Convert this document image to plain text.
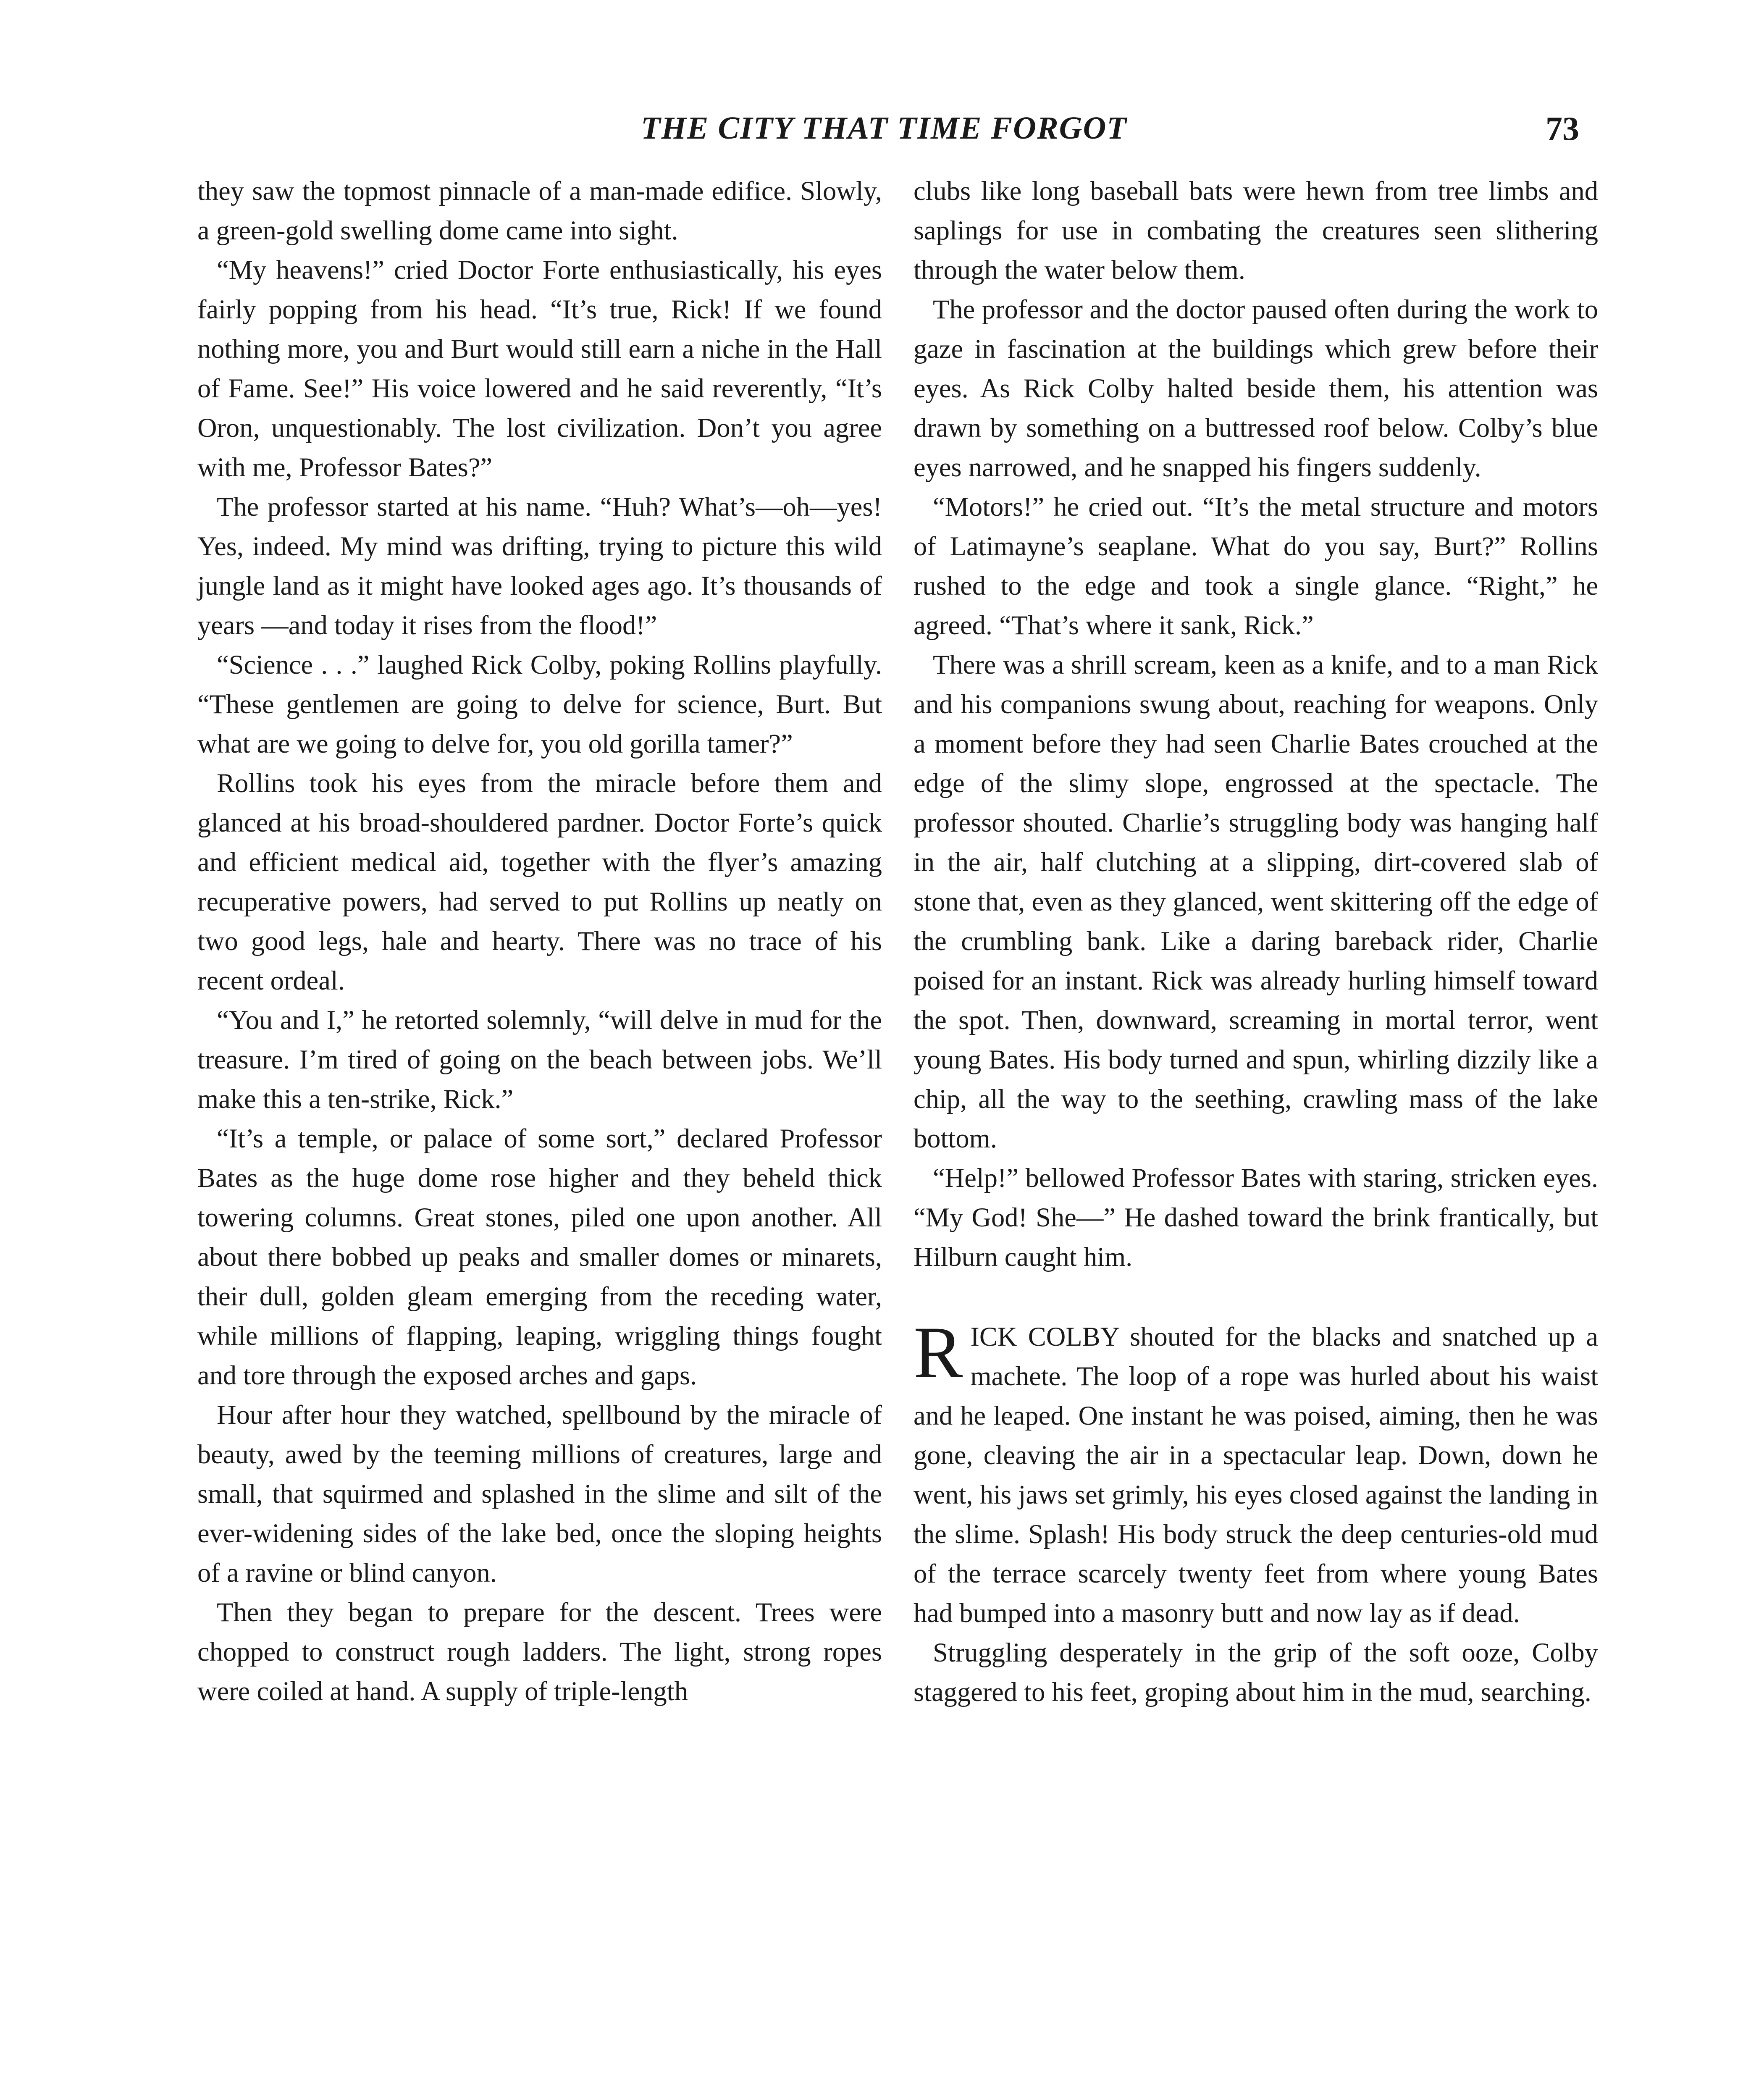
THE CITY THAT TIME FORGOT	73

they saw the topmost pinnacle of a man-made edifice. Slowly, a green-gold swelling dome came into sight.

“My heavens!” cried Doctor Forte enthusiastically, his eyes fairly popping from his head. “It’s true, Rick! If we found nothing more, you and Burt would still earn a niche in the Hall of Fame. See!” His voice lowered and he said reverently, “It’s Oron, unquestionably. The lost civilization. Don’t you agree with me, Professor Bates?”

The professor started at his name. “Huh? What’s—oh—yes! Yes, indeed. My mind was drifting, trying to picture this wild jungle land as it might have looked ages ago. It’s thousands of years —and today it rises from the flood!”

“Science . . .” laughed Rick Colby, poking Rollins playfully. “These gentlemen are going to delve for science, Burt. But what are we going to delve for, you old gorilla tamer?”

Rollins took his eyes from the miracle before them and glanced at his broad-shouldered pardner. Doctor Forte’s quick and efficient medical aid, together with the flyer’s amazing recuperative powers, had served to put Rollins up neatly on two good legs, hale and hearty. There was no trace of his recent ordeal.

“You and I,” he retorted solemnly, “will delve in mud for the treasure. I’m tired of going on the beach between jobs. We’ll make this a ten-strike, Rick.”

“It’s a temple, or palace of some sort,” declared Professor Bates as the huge dome rose higher and they beheld thick towering columns. Great stones, piled one upon another. All about there bobbed up peaks and smaller domes or minarets, their dull, golden gleam emerging from the receding water, while millions of flapping, leaping, wriggling things fought and tore through the exposed arches and gaps.

Hour after hour they watched, spellbound by the miracle of beauty, awed by the teeming millions of creatures, large and small, that squirmed and splashed in the slime and silt of the ever-widening sides of the lake bed, once the sloping heights of a ravine or blind canyon.

Then they began to prepare for the descent. Trees were chopped to construct rough ladders. The light, strong ropes were coiled at hand. A supply of triple-length

clubs like long baseball bats were hewn from tree limbs and saplings for use in combating the creatures seen slithering through the water below them.

The professor and the doctor paused often during the work to gaze in fascination at the buildings which grew before their eyes. As Rick Colby halted beside them, his attention was drawn by something on a buttressed roof below. Colby’s blue eyes narrowed, and he snapped his fingers suddenly.

“Motors!” he cried out. “It’s the metal structure and motors of Latimayne’s seaplane. What do you say, Burt?” Rollins rushed to the edge and took a single glance. “Right,” he agreed. “That’s where it sank, Rick.”

There was a shrill scream, keen as a knife, and to a man Rick and his companions swung about, reaching for weapons. Only a moment before they had seen Charlie Bates crouched at the edge of the slimy slope, engrossed at the spectacle. The professor shouted. Charlie’s struggling body was hanging half in the air, half clutching at a slipping, dirt-covered slab of stone that, even as they glanced, went skittering off the edge of the crumbling bank. Like a daring bareback rider, Charlie poised for an instant. Rick was already hurling himself toward the spot. Then, downward, screaming in mortal terror, went young Bates. His body turned and spun, whirling dizzily like a chip, all the way to the seething, crawling mass of the lake bottom.

“Help!” bellowed Professor Bates with staring, stricken eyes. “My God! She—” He dashed toward the brink frantically, but Hilburn caught him.

RICK COLBY shouted for the blacks and snatched up a machete. The loop of a rope was hurled about his waist and he leaped. One instant he was poised, aiming, then he was gone, cleaving the air in a spectacular leap. Down, down he went, his jaws set grimly, his eyes closed against the landing in the slime. Splash! His body struck the deep centuries-old mud of the terrace scarcely twenty feet from where young Bates had bumped into a masonry butt and now lay as if dead.

Struggling desperately in the grip of the soft ooze, Colby staggered to his feet, groping about him in the mud, searching.
